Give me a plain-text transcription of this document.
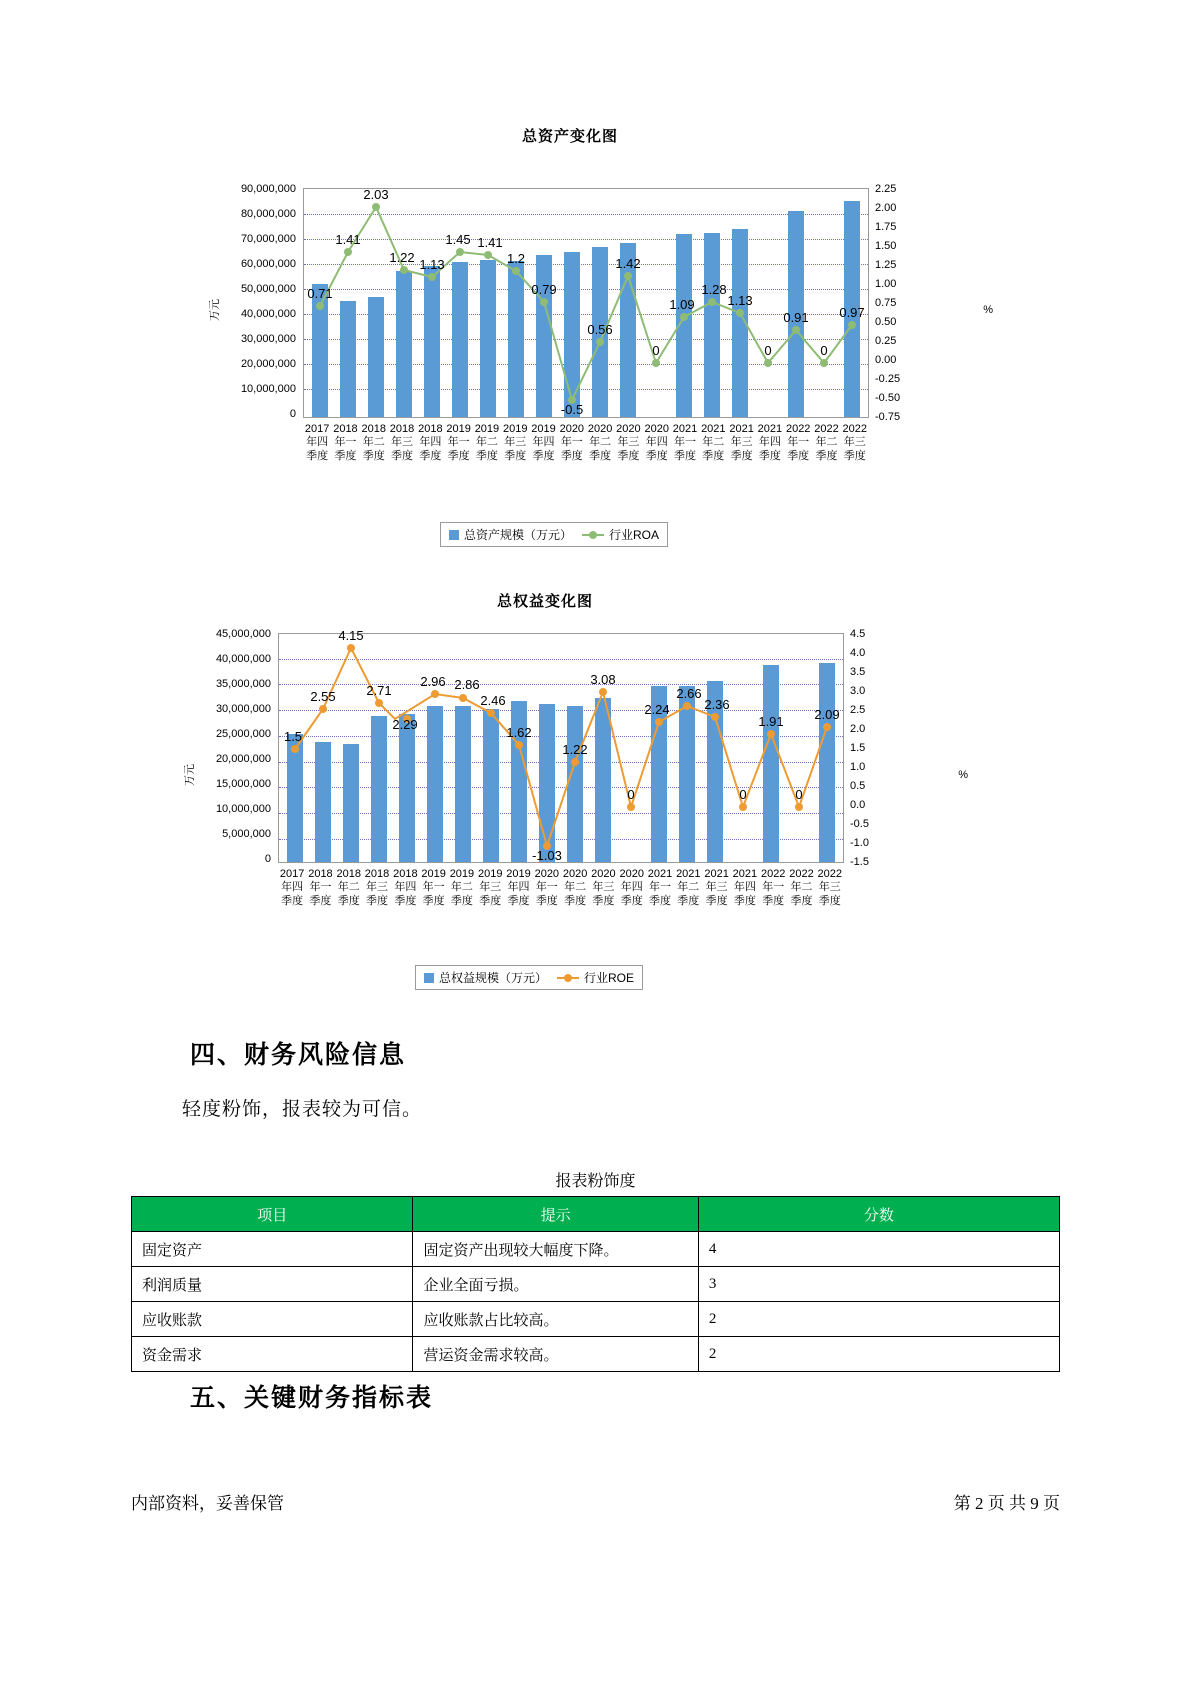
总资产变化图
万元	%
90,000,000
80,000,000
70,000,000
60,000,000
50,000,000
40,000,000
30,000,000
20,000,000
10,000,000
0
2.25
2.00
1.75
1.50
1.25
1.00
0.75
0.50
0.25
0.00
-0.25
-0.50
-0.75
0.71
1.41
2.03
1.22 1.13
1.45 1.41
1.2
0.79
-0.5
0.56
1.42
0
1.09
1.28
1.13
0
0.91
0
0.97
2017年四季度
2018年一季度
2018年二季度
2018年三季度
2018年四季度
2019年一季度
2019年二季度
2019年三季度
2019年四季度
2020年一季度
2020年二季度
2020年三季度
2020年四季度
2021年一季度
2021年二季度
2021年三季度
2021年四季度
2022年一季度
2022年二季度
2022年三季度
总资产规模（万元）	行业ROA
总权益变化图
万元	%
45,000,000
40,000,000
35,000,000
30,000,000
25,000,000
20,000,000
15,000,000
10,000,000
5,000,000
0
4.5
4.0
3.5
3.0
2.5
2.0
1.5
1.0
0.5
0.0
-0.5
-1.0
-1.5
1.5
2.55
4.15
2.71
2.29
2.96 2.86
2.46
1.62
-1.03
1.22
3.08
0
2.24
2.66
2.36
0
1.91
0
2.09
2017年四季度
2018年一季度
2018年二季度
2018年三季度
2018年四季度
2019年一季度
2019年二季度
2019年三季度
2019年四季度
2020年一季度
2020年二季度
2020年三季度
2020年四季度
2021年一季度
2021年二季度
2021年三季度
2021年四季度
2022年一季度
2022年二季度
2022年三季度
总权益规模（万元）	行业ROE
四、财务风险信息
轻度粉饰，报表较为可信。
报表粉饰度
项目	提示	分数
固定资产	固定资产出现较大幅度下降。	4
利润质量	企业全面亏损。	3
应收账款	应收账款占比较高。	2
资金需求	营运资金需求较高。	2
五、关键财务指标表
内部资料，妥善保管	第 2 页 共 9 页
